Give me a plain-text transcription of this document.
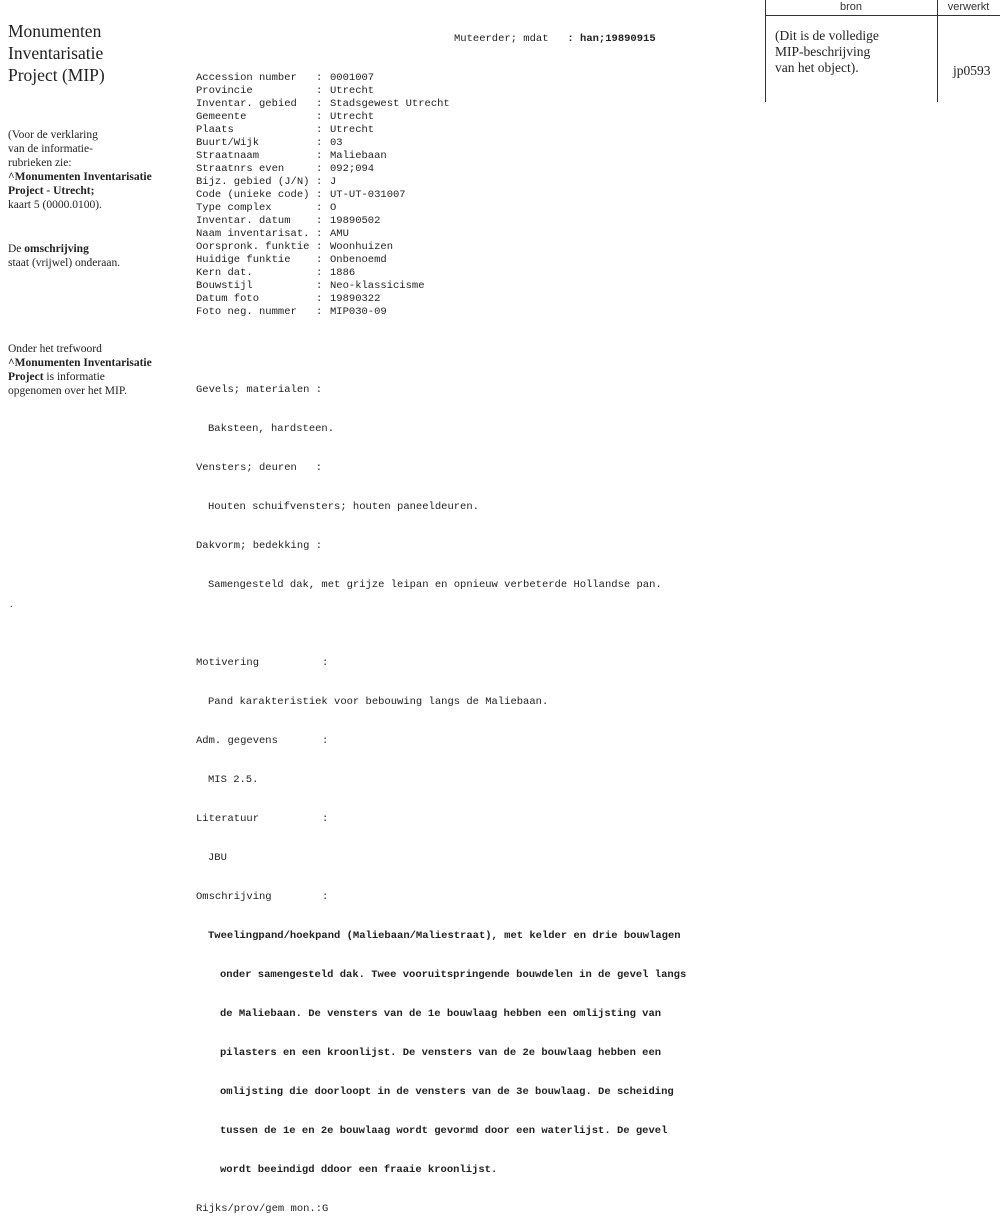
Monumenten

Inventarisatie

Project (MIP)

(Voor de verklaring
van de informatie-
rubrieken zie:
^Monumenten Inventarisatie
Project - Utrecht;
kaart 5 (0000.0100).
De omschrijving
staat (vrijwel) onderaan.
Onder het trefwoord
^Monumenten Inventarisatie
Project is informatie
opgenomen over het MIP.
.
bron	verwerkt
(Dit is de volledige
MIP-beschrijving
van het object).	jp0593

Muteerder; mdat : han;19890915

Accession number	: 0001007
Provincie	: Utrecht
Inventar. gebied	: Stadsgewest Utrecht
Gemeente	: Utrecht
Plaats	: Utrecht
Buurt/Wijk	: 03
Straatnaam	: Maliebaan
Straatnrs even	: 092;094
Bijz. gebied (J/N) : J
Code (unieke code) : UT-UT-031007
Type complex	: O
Inventar. datum	: 19890502
Naam inventarisat. : AMU
Oorspronk. funktie : Woonhuizen
Huidige funktie	: Onbenoemd
Kern dat.	: 1886
Bouwstijl	: Neo-klassicisme
Datum foto	: 19890322
Foto neg. nummer	: MIP030-09

Gevels; materialen :

Baksteen, hardsteen.

Vensters; deuren   :

Houten schuifvensters; houten paneeldeuren.

Dakvorm; bedekking :

Samengesteld dak, met grijze leipan en opnieuw verbeterde Hollandse pan.

Motivering          :

Pand karakteristiek voor bebouwing langs de Maliebaan.

Adm. gegevens       :

MIS 2.5.

Literatuur          :

JBU

Omschrijving        :

Tweelingpand/hoekpand (Maliebaan/Maliestraat), met kelder en drie bouwlagen

onder samengesteld dak. Twee vooruitspringende bouwdelen in de gevel langs

de Maliebaan. De vensters van de 1e bouwlaag hebben een omlijsting van

pilasters en een kroonlijst. De vensters van de 2e bouwlaag hebben een

omlijsting die doorloopt in de vensters van de 3e bouwlaag. De scheiding

tussen de 1e en 2e bouwlaag wordt gevormd door een waterlijst. De gevel

wordt beeindigd ddoor een fraaie kroonlijst.

Rijks/prov/gem mon.: G
